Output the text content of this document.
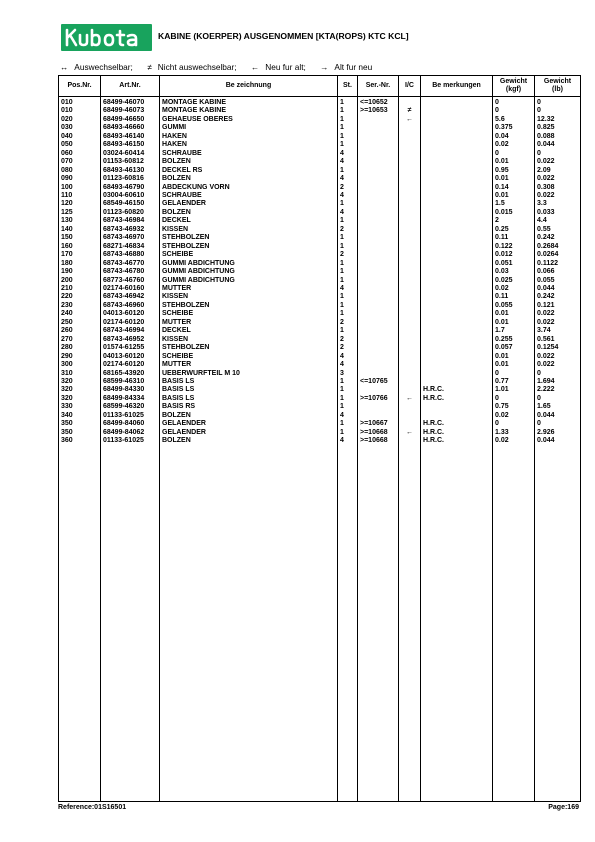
KABINE (KOERPER) AUSGENOMMEN [KTA(ROPS) KTC KCL]
↔ Auswechselbar; ≠ Nicht auswechselbar; ← Neu fur alt; → Alt fur neu
Pos.Nr.	Art.Nr.	Be zeichnung	St.	Ser.-Nr.	I/C	Be merkungen	Gewicht
(kgf)	Gewicht
(lb)
010	68499-46070	MONTAGE KABINE	1	<=10652			0	0
010	68499-46073	MONTAGE KABINE	1	>=10653	≠		0	0
020	68499-46650	GEHAEUSE OBERES	1		←		5.6	12.32
030	68493-46660	GUMMI	1				0.375	0.825
040	68493-46140	HAKEN	1				0.04	0.088
050	68493-46150	HAKEN	1				0.02	0.044
060	03024-60414	SCHRAUBE	4				0	0
070	01153-60812	BOLZEN	4				0.01	0.022
080	68493-46130	DECKEL RS	1				0.95	2.09
090	01123-60816	BOLZEN	4				0.01	0.022
100	68493-46790	ABDECKUNG VORN	2				0.14	0.308
110	03004-60610	SCHRAUBE	4				0.01	0.022
120	68549-46150	GELAENDER	1				1.5	3.3
125	01123-60820	BOLZEN	4				0.015	0.033
130	68743-46984	DECKEL	1				2	4.4
140	68743-46932	KISSEN	2				0.25	0.55
150	68743-46970	STEHBOLZEN	1				0.11	0.242
160	68271-46834	STEHBOLZEN	1				0.122	0.2684
170	68743-46880	SCHEIBE	2				0.012	0.0264
180	68743-46770	GUMMI ABDICHTUNG	1				0.051	0.1122
190	68743-46780	GUMMI ABDICHTUNG	1				0.03	0.066
200	68773-46760	GUMMI ABDICHTUNG	1				0.025	0.055
210	02174-60160	MUTTER	4				0.02	0.044
220	68743-46942	KISSEN	1				0.11	0.242
230	68743-46960	STEHBOLZEN	1				0.055	0.121
240	04013-60120	SCHEIBE	1				0.01	0.022
250	02174-60120	MUTTER	2				0.01	0.022
260	68743-46994	DECKEL	1				1.7	3.74
270	68743-46952	KISSEN	2				0.255	0.561
280	01574-61255	STEHBOLZEN	2				0.057	0.1254
290	04013-60120	SCHEIBE	4				0.01	0.022
300	02174-60120	MUTTER	4				0.01	0.022
310	68165-43920	UEBERWURFTEIL M 10	3				0	0
320	68599-46310	BASIS LS	1	<=10765			0.77	1.694
320	68499-84330	BASIS LS	1			H.R.C.	1.01	2.222
320	68499-84334	BASIS LS	1	>=10766	←	H.R.C.	0	0
330	68599-46320	BASIS RS	1				0.75	1.65
340	01133-61025	BOLZEN	4				0.02	0.044
350	68499-84060	GELAENDER	1	>=10667		H.R.C.	0	0
350	68499-84062	GELAENDER	1	>=10668	←	H.R.C.	1.33	2.926
360	01133-61025	BOLZEN	4	>=10668		H.R.C.	0.02	0.044

Reference:01S16501	Page:169
